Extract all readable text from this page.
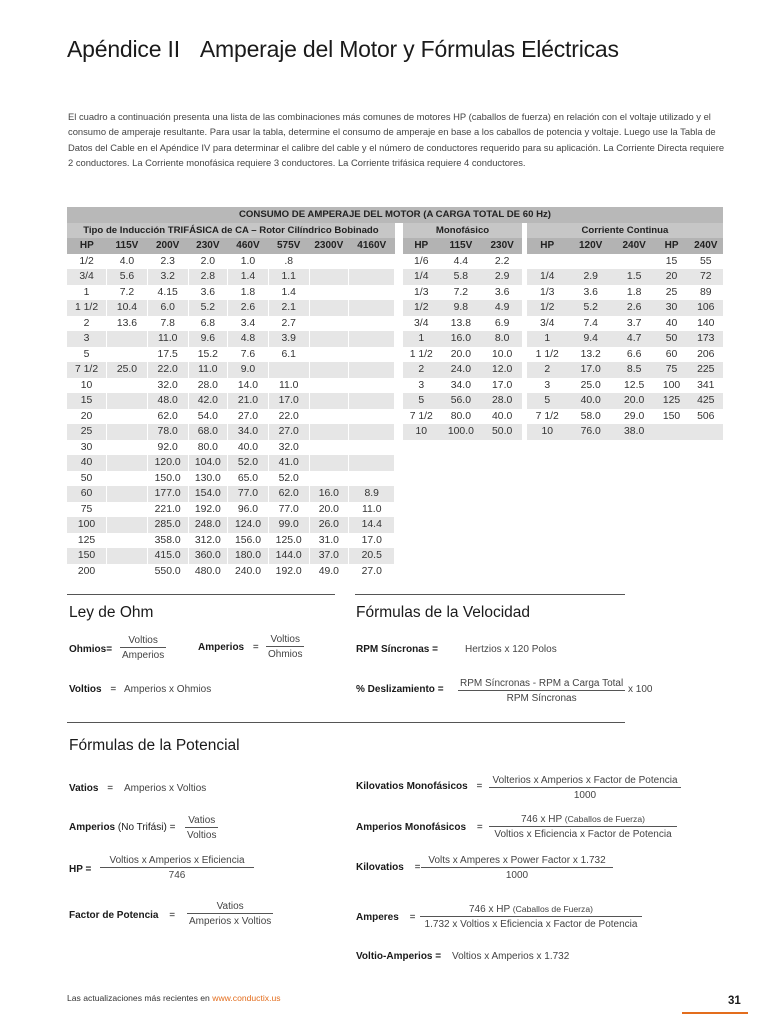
Apéndice II Amperaje del Motor y Fórmulas Eléctricas
El cuadro a continuación presenta una lista de las combinaciones más comunes de motores HP (caballos de fuerza) en relación con el voltaje utilizado y el consumo de amperaje resultante. Para usar la tabla, determine el consumo de amperaje en base a los caballos de potencia y voltaje. Luego use la Tabla de Datos del Cable en el Apéndice IV para determinar el calibre del cable y el número de conductores requerido para su aplicación. La Corriente Directa requiere 2 conductores. La Corriente monofásica requiere 3 conductores. La Corriente trifásica requiere 4 conductores.
CONSUMO DE AMPERAJE DEL MOTOR (A CARGA TOTAL DE 60 Hz)																	
Tipo de Inducción TRIFÁSICA de CA – Rotor Cilíndrico Bobinado									Monofásico				Corriente Continua				
HP	115V	200V	230V	460V	575V	2300V	4160V		HP	115V	230V		HP	120V	240V	HP	240V
1/2	4.0	2.3	2.0	1.0	.8				1/6	4.4	2.2					15	55
3/4	5.6	3.2	2.8	1.4	1.1				1/4	5.8	2.9		1/4	2.9	1.5	20	72
1	7.2	4.15	3.6	1.8	1.4				1/3	7.2	3.6		1/3	3.6	1.8	25	89
1 1/2	10.4	6.0	5.2	2.6	2.1				1/2	9.8	4.9		1/2	5.2	2.6	30	106
2	13.6	7.8	6.8	3.4	2.7				3/4	13.8	6.9		3/4	7.4	3.7	40	140
3		11.0	9.6	4.8	3.9				1	16.0	8.0		1	9.4	4.7	50	173
5		17.5	15.2	7.6	6.1				1 1/2	20.0	10.0		1 1/2	13.2	6.6	60	206
7 1/2	25.0	22.0	11.0	9.0					2	24.0	12.0		2	17.0	8.5	75	225
10		32.0	28.0	14.0	11.0				3	34.0	17.0		3	25.0	12.5	100	341
15		48.0	42.0	21.0	17.0				5	56.0	28.0		5	40.0	20.0	125	425
20		62.0	54.0	27.0	22.0				7 1/2	80.0	40.0		7 1/2	58.0	29.0	150	506
25		78.0	68.0	34.0	27.0				10	100.0	50.0		10	76.0	38.0		
30		92.0	80.0	40.0	32.0												
40		120.0	104.0	52.0	41.0												
50		150.0	130.0	65.0	52.0												
60		177.0	154.0	77.0	62.0	16.0	8.9										
75		221.0	192.0	96.0	77.0	20.0	11.0										
100		285.0	248.0	124.0	99.0	26.0	14.4										
125		358.0	312.0	156.0	125.0	31.0	17.0										
150		415.0	360.0	180.0	144.0	37.0	20.5										
200		550.0	480.0	240.0	192.0	49.0	27.0										
Ley de Ohm	Fórmulas de la Velocidad
Ohmios=
Voltios
Amperios
Amperios =
Voltios
Ohmios	RPM Síncronas =	Hertzios x 120 Polos
Voltios = Amperios x Ohmios	% Deslizamiento =
RPM Síncronas - RPM a Carga Total
RPM Síncronas
x 100
Fórmulas de la Potencial
Vatios = Amperios x Voltios
Amperios (No Trifási) =
Vatios
Voltios
HP =
Voltios x Amperios x Eficiencia
746
Factor de Potencia =
Vatios
Amperios x Voltios
Kilovatios Monofásicos =
Volterios x Amperios x Factor de Potencia
1000
Amperios Monofásicos =
746 x HP (Caballos de Fuerza)
Voltios x Eficiencia x Factor de Potencia
Kilovatios =
Volts x Amperes x Power Factor x 1.732
1000
Amperes =
746 x HP (Caballos de Fuerza)
1.732 x Voltios x Eficiencia x Factor de Potencia
Voltio-Amperios = Voltios x Amperios x 1.732
Las actualizaciones más recientes en www.conductix.us	31
